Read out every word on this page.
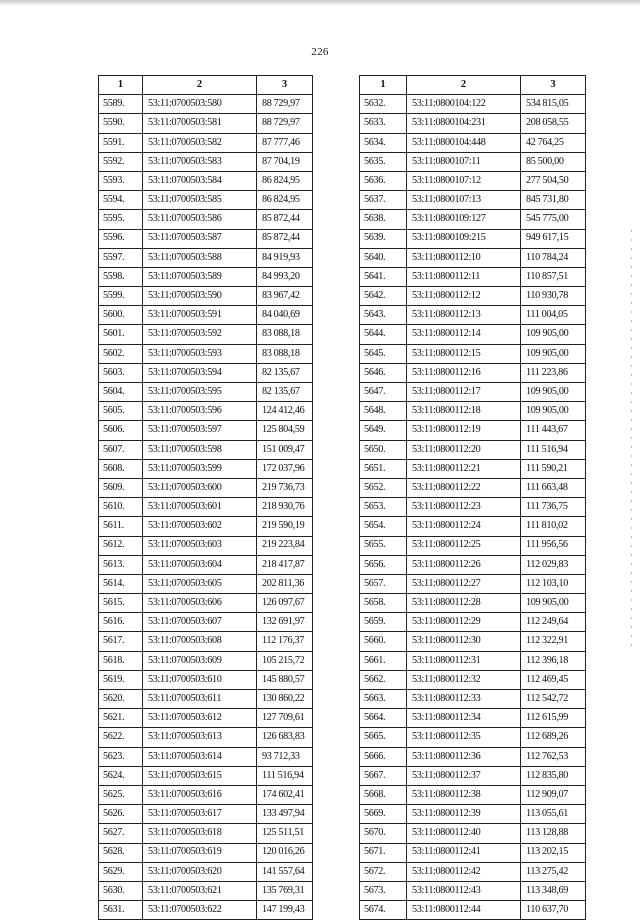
226
1	2	3
5589.	53:11:0700503:580	88 729,97
5590.	53:11:0700503:581	88 729,97
5591.	53:11:0700503:582	87 777,46
5592.	53:11:0700503:583	87 704,19
5593.	53:11:0700503:584	86 824,95
5594.	53:11:0700503:585	86 824,95
5595.	53:11:0700503:586	85 872,44
5596.	53:11:0700503:587	85 872,44
5597.	53:11:0700503:588	84 919,93
5598.	53:11:0700503:589	84 993,20
5599.	53:11:0700503:590	83 967,42
5600.	53:11:0700503:591	84 040,69
5601.	53:11:0700503:592	83 088,18
5602.	53:11:0700503:593	83 088,18
5603.	53:11:0700503:594	82 135,67
5604.	53:11:0700503:595	82 135,67
5605.	53:11:0700503:596	124 412,46
5606.	53:11:0700503:597	125 804,59
5607.	53:11:0700503:598	151 009,47
5608.	53:11:0700503:599	172 037,96
5609.	53:11:0700503:600	219 736,73
5610.	53:11:0700503:601	218 930,76
5611.	53:11:0700503:602	219 590,19
5612.	53:11:0700503:603	219 223,84
5613.	53:11:0700503:604	218 417,87
5614.	53:11:0700503:605	202 811,36
5615.	53:11:0700503:606	126 097,67
5616.	53:11:0700503:607	132 691,97
5617.	53:11:0700503:608	112 176,37
5618.	53:11:0700503:609	105 215,72
5619.	53:11:0700503:610	145 880,57
5620.	53:11:0700503:611	130 860,22
5621.	53:11:0700503:612	127 709,61
5622.	53:11:0700503:613	126 683,83
5623.	53:11:0700503:614	93 712,33
5624.	53:11:0700503:615	111 516,94
5625.	53:11:0700503:616	174 602,41
5626.	53:11:0700503:617	133 497,94
5627.	53:11:0700503:618	125 511,51
5628.	53:11:0700503:619	120 016,26
5629.	53:11:0700503:620	141 557,64
5630.	53:11:0700503:621	135 769,31
5631.	53:11:0700503:622	147 199,43
1	2	3
5632.	53:11:0800104:122	534 815,05
5633.	53:11:0800104:231	208 058,55
5634.	53:11:0800104:448	42 764,25
5635.	53:11:0800107:11	85 500,00
5636.	53:11:0800107:12	277 504,50
5637.	53:11:0800107:13	845 731,80
5638.	53:11:0800109:127	545 775,00
5639.	53:11:0800109:215	949 617,15
5640.	53:11:0800112:10	110 784,24
5641.	53:11:0800112:11	110 857,51
5642.	53:11:0800112:12	110 930,78
5643.	53:11:0800112:13	111 004,05
5644.	53:11:0800112:14	109 905,00
5645.	53:11:0800112:15	109 905,00
5646.	53:11:0800112:16	111 223,86
5647.	53:11:0800112:17	109 905,00
5648.	53:11:0800112:18	109 905,00
5649.	53:11:0800112:19	111 443,67
5650.	53:11:0800112:20	111 516,94
5651.	53:11:0800112:21	111 590,21
5652.	53:11:0800112:22	111 663,48
5653.	53:11:0800112:23	111 736,75
5654.	53:11:0800112:24	111 810,02
5655.	53:11:0800112:25	111 956,56
5656.	53:11:0800112:26	112 029,83
5657.	53:11:0800112:27	112 103,10
5658.	53:11:0800112:28	109 905,00
5659.	53:11:0800112:29	112 249,64
5660.	53:11:0800112:30	112 322,91
5661.	53:11:0800112:31	112 396,18
5662.	53:11:0800112:32	112 469,45
5663.	53:11:0800112:33	112 542,72
5664.	53:11:0800112:34	112 615,99
5665.	53:11:0800112:35	112 689,26
5666.	53:11:0800112:36	112 762,53
5667.	53:11:0800112:37	112 835,80
5668.	53:11:0800112:38	112 909,07
5669.	53:11:0800112:39	113 055,61
5670.	53:11:0800112:40	113 128,88
5671.	53:11:0800112:41	113 202,15
5672.	53:11:0800112:42	113 275,42
5673.	53:11:0800112:43	113 348,69
5674.	53:11:0800112:44	110 637,70
